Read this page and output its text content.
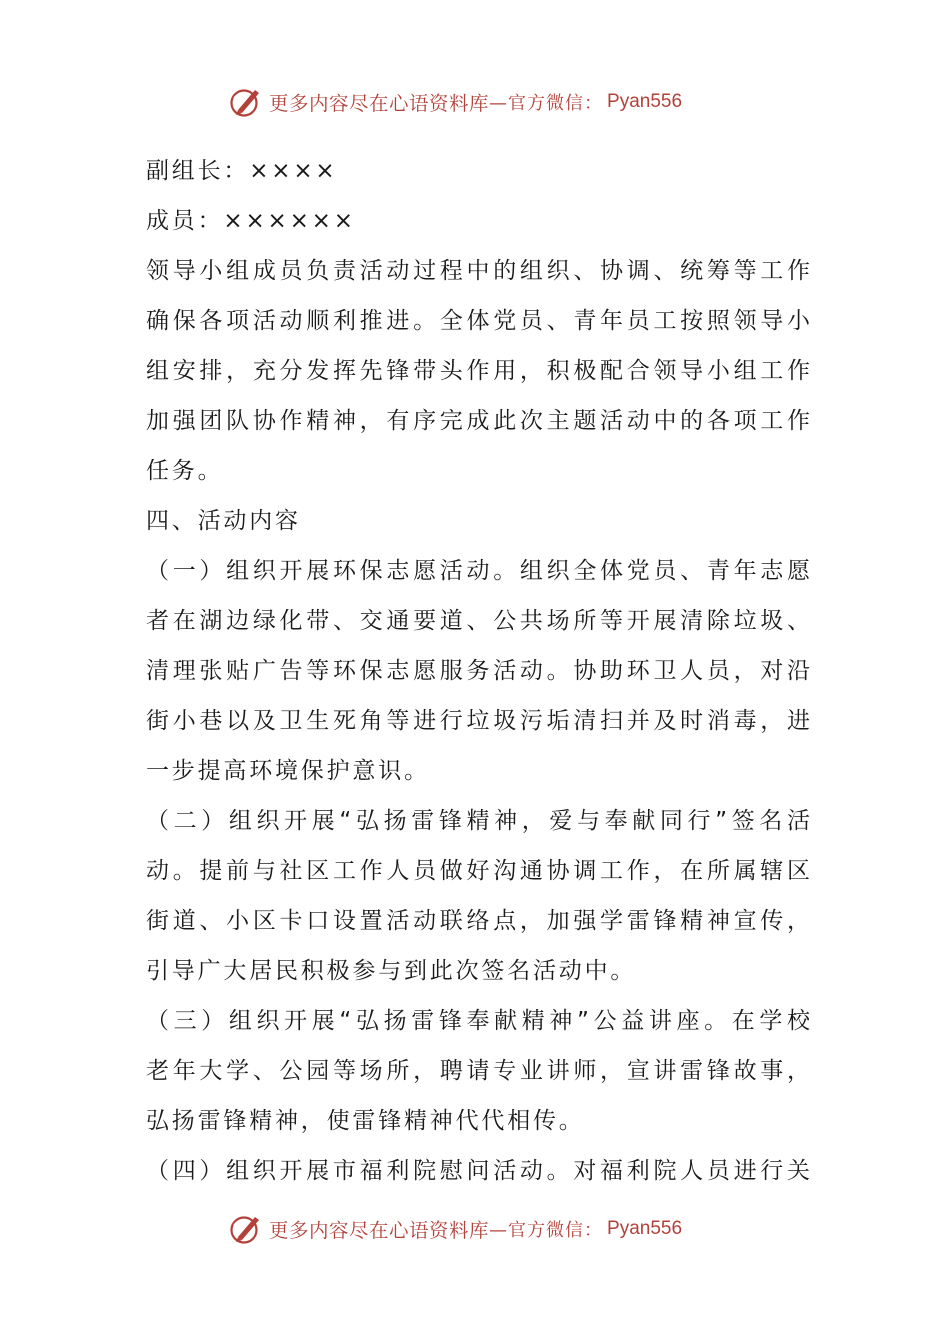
更多内容尽在心语资料库 —官方微信： Pyan556
副组长：××××
成员：××××××
领导小组成员负责活动过程中的组织、协调、统筹等工作
确保各项活动顺利推进。全体党员、青年员工按照领导小
组安排，充分发挥先锋带头作用，积极配合领导小组工作
加强团队协作精神，有序完成此次主题活动中的各项工作
任务。
四、活动内容
（一）组织开展环保志愿活动。组织全体党员、青年志愿
者在湖边绿化带、交通要道、公共场所等开展清除垃圾、
清理张贴广告等环保志愿服务活动。协助环卫人员，对沿
街小巷以及卫生死角等进行垃圾污垢清扫并及时消毒，进
一步提高环境保护意识。
（二）组织开展“弘扬雷锋精神，爱与奉献同行”签名活
动。提前与社区工作人员做好沟通协调工作，在所属辖区
街道、小区卡口设置活动联络点，加强学雷锋精神宣传，
引导广大居民积极参与到此次签名活动中。
（三）组织开展“弘扬雷锋奉献精神”公益讲座。在学校
老年大学、公园等场所，聘请专业讲师，宣讲雷锋故事，
弘扬雷锋精神，使雷锋精神代代相传。
（四）组织开展市福利院慰问活动。对福利院人员进行关
更多内容尽在心语资料库 —官方微信： Pyan556
